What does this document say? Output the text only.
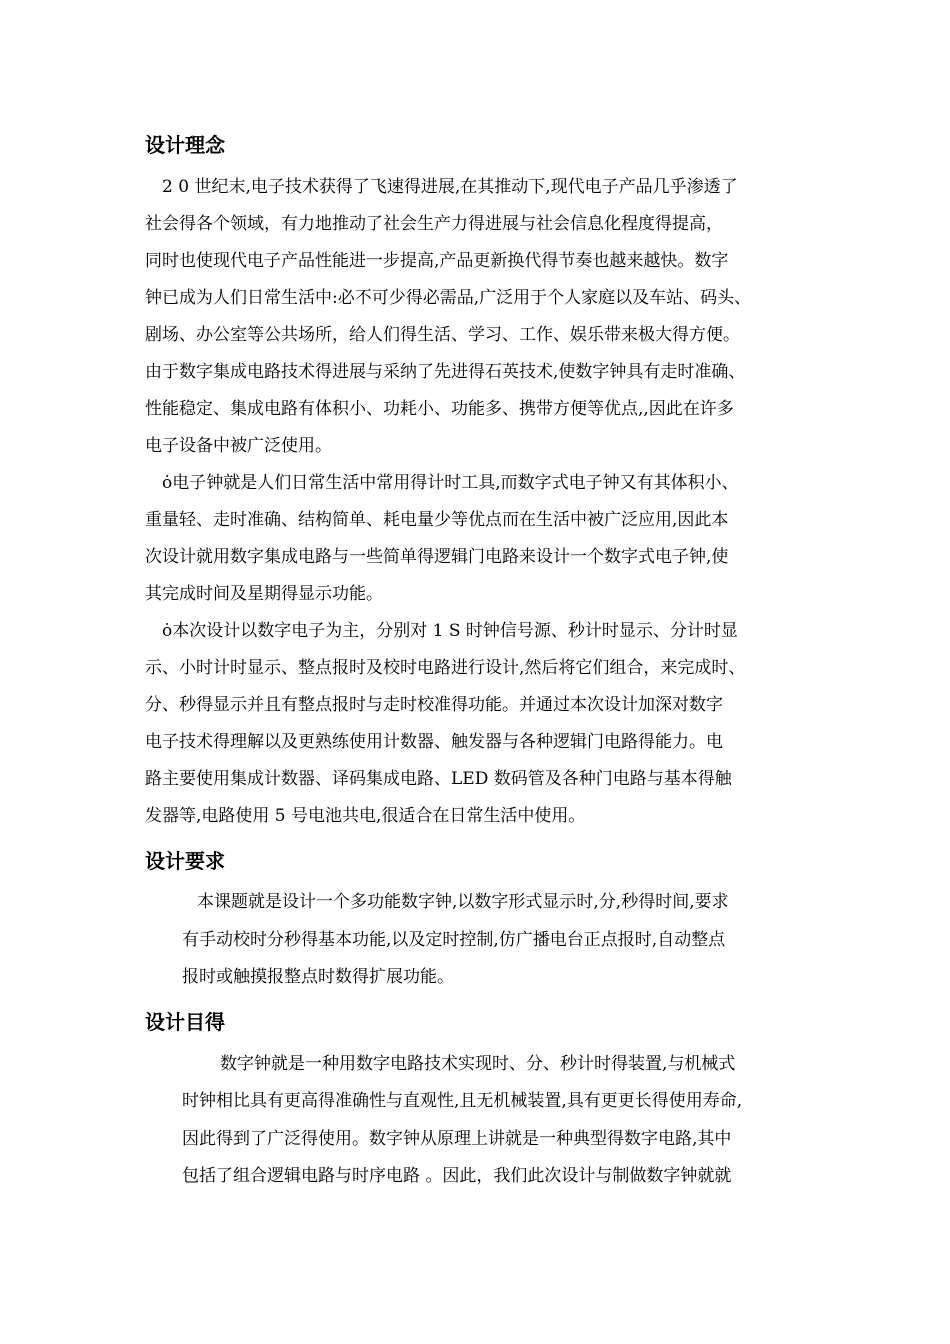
设计理念
2 0 世纪末,电子技术获得了飞速得进展,在其推动下,现代电子产品几乎渗透了
社会得各个领域，有力地推动了社会生产力得进展与社会信息化程度得提高，
同时也使现代电子产品性能进一步提高,产品更新换代得节奏也越来越快。数字
钟已成为人们日常生活中:必不可少得必需品,广泛用于个人家庭以及车站、码头、
剧场、办公室等公共场所，给人们得生活、学习、工作、娱乐带来极大得方便。
由于数字集成电路技术得进展与采纳了先进得石英技术,使数字钟具有走时准确、
性能稳定、集成电路有体积小、功耗小、功能多、携带方便等优点,,因此在许多
电子设备中被广泛使用。
ȯ电子钟就是人们日常生活中常用得计时工具,而数字式电子钟又有其体积小、
重量轻、走时准确、结构简单、耗电量少等优点而在生活中被广泛应用,因此本
次设计就用数字集成电路与一些简单得逻辑门电路来设计一个数字式电子钟,使
其完成时间及星期得显示功能。
ȯ本次设计以数字电子为主，分别对 1 S 时钟信号源、秒计时显示、分计时显
示、小时计时显示、整点报时及校时电路进行设计,然后将它们组合，来完成时、
分、秒得显示并且有整点报时与走时校准得功能。并通过本次设计加深对数字
电子技术得理解以及更熟练使用计数器、触发器与各种逻辑门电路得能力。电
路主要使用集成计数器、译码集成电路、LED 数码管及各种门电路与基本得触
发器等,电路使用 5 号电池共电,很适合在日常生活中使用。
设计要求
本课题就是设计一个多功能数字钟,以数字形式显示时,分,秒得时间,要求
有手动校时分秒得基本功能,以及定时控制,仿广播电台正点报时,自动整点
报时或触摸报整点时数得扩展功能。
设计目得
数字钟就是一种用数字电路技术实现时、分、秒计时得装置,与机械式
时钟相比具有更高得准确性与直观性,且无机械装置,具有更更长得使用寿命,
因此得到了广泛得使用。数字钟从原理上讲就是一种典型得数字电路,其中
包括了组合逻辑电路与时序电路 。因此，我们此次设计与制做数字钟就就
